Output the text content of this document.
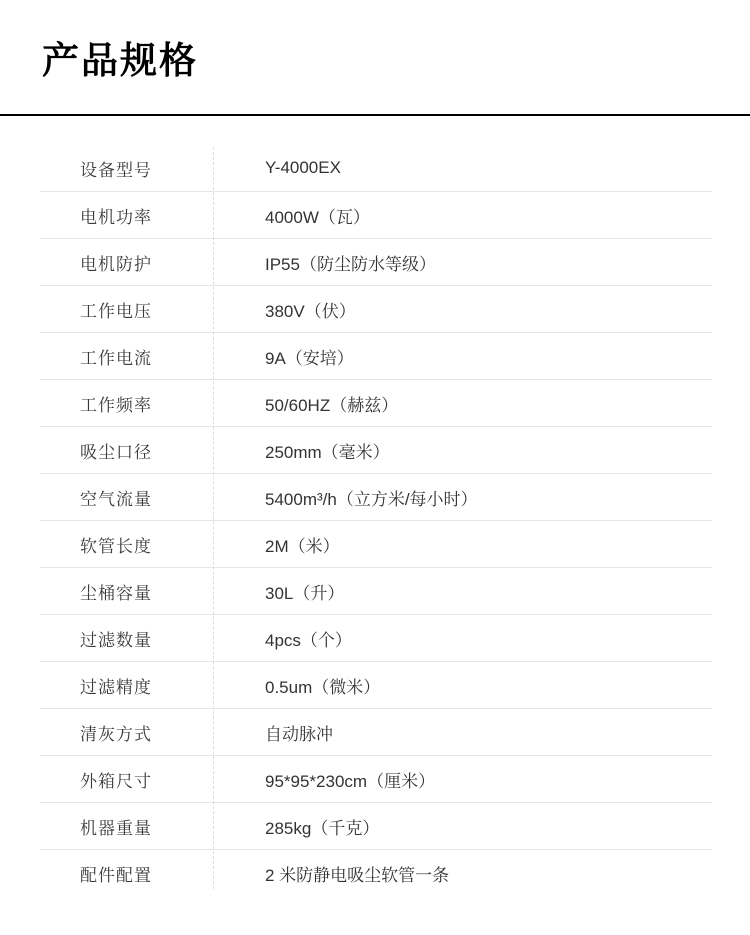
产品规格
设备型号	Y-4000EX
电机功率	4000W（瓦）
电机防护	IP55（防尘防水等级）
工作电压	380V（伏）
工作电流	9A（安培）
工作频率	50/60HZ（赫兹）
吸尘口径	250mm（毫米）
空气流量	5400m³/h（立方米/每小时）
软管长度	2M（米）
尘桶容量	30L（升）
过滤数量	4pcs（个）
过滤精度	0.5um（微米）
清灰方式	自动脉冲
外箱尺寸	95*95*230cm（厘米）
机器重量	285kg（千克）
配件配置	2 米防静电吸尘软管一条
